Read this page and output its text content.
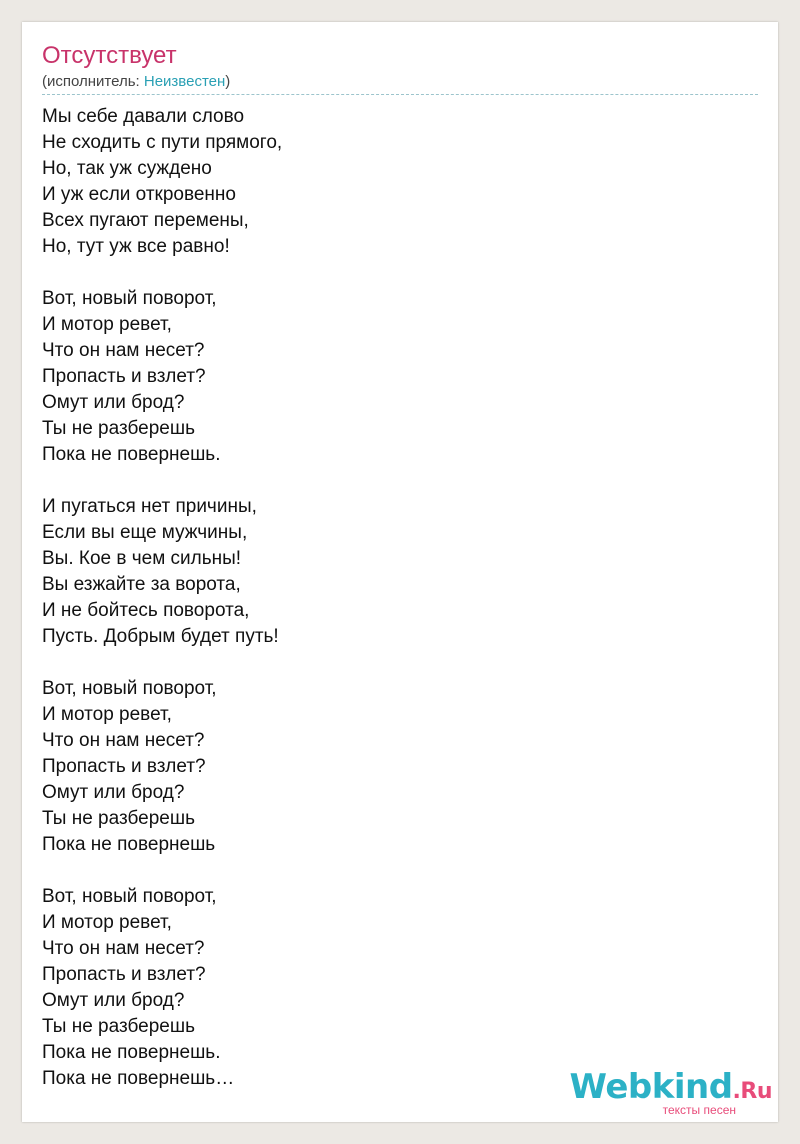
Отсутствует
(исполнитель: Неизвестен)
Мы себе давали слово
Не сходить с пути прямого,
Но, так уж суждено
И уж если откровенно
Всех пугают перемены,
Но, тут уж все равно!
Вот, новый поворот,
И мотор ревет,
Что он нам несет?
Пропасть и взлет?
Омут или брод?
Ты не разберешь
Пока не повернешь.
И пугаться нет причины,
Если вы еще мужчины,
Вы. Кое в чем сильны!
Вы езжайте за ворота,
И не бойтесь поворота,
Пусть. Добрым будет путь!
Вот, новый поворот,
И мотор ревет,
Что он нам несет?
Пропасть и взлет?
Омут или брод?
Ты не разберешь
Пока не повернешь
Вот, новый поворот,
И мотор ревет,
Что он нам несет?
Пропасть и взлет?
Омут или брод?
Ты не разберешь
Пока не повернешь.
Пока не повернешь…	Webkind.Ru
тексты песен
